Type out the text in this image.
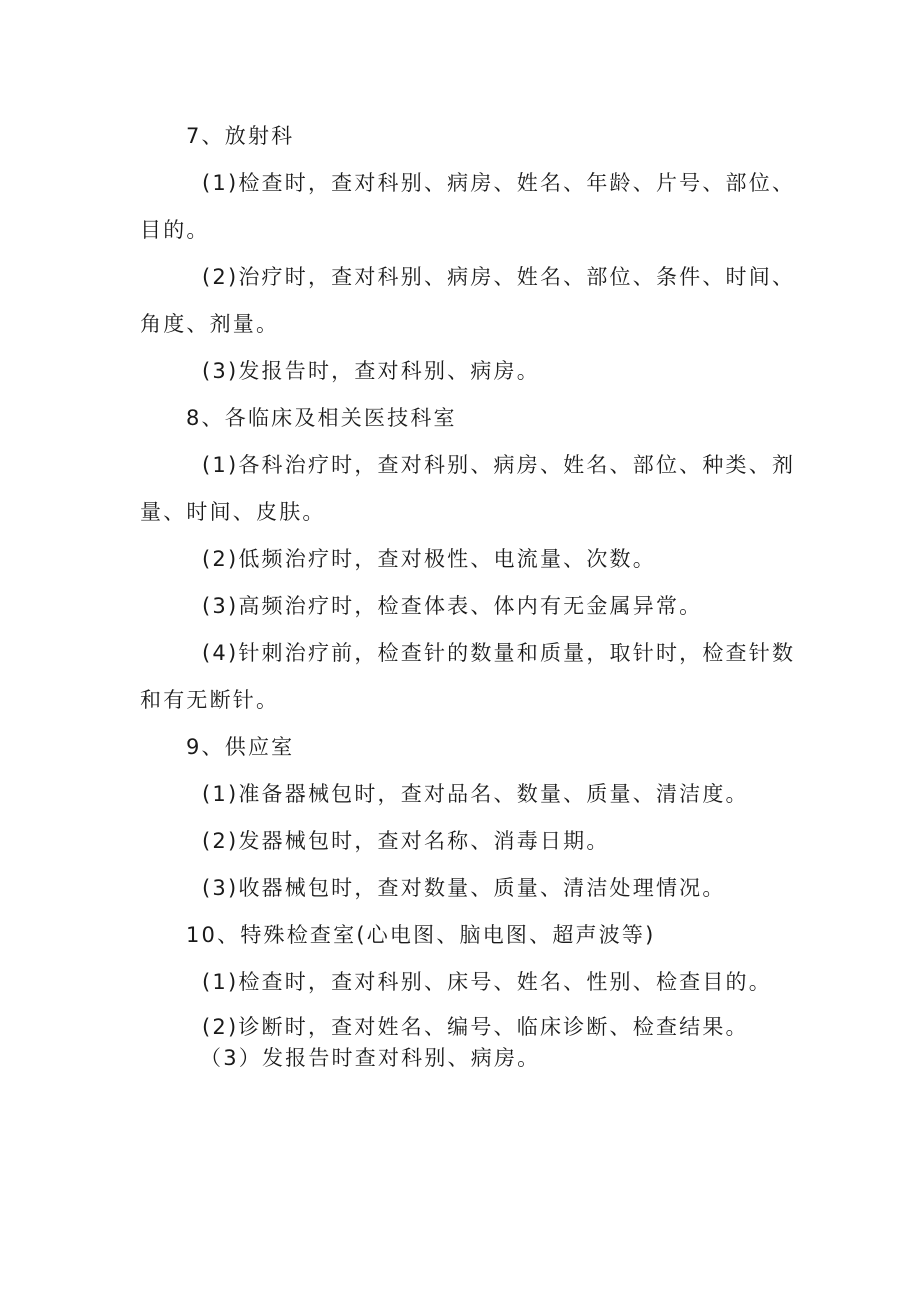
7、放射科

(1)检查时，查对科别、病房、姓名、年龄、片号、部位、目的。

(2)治疗时，查对科别、病房、姓名、部位、条件、时间、角度、剂量。

(3)发报告时，查对科别、病房。

8、各临床及相关医技科室

(1)各科治疗时，查对科别、病房、姓名、部位、种类、剂量、时间、皮肤。

(2)低频治疗时，查对极性、电流量、次数。

(3)高频治疗时，检查体表、体内有无金属异常。

(4)针刺治疗前，检查针的数量和质量，取针时，检查针数和有无断针。

9、供应室

(1)准备器械包时，查对品名、数量、质量、清洁度。

(2)发器械包时，查对名称、消毒日期。

(3)收器械包时，查对数量、质量、清洁处理情况。

10、特殊检查室(心电图、脑电图、超声波等)

(1)检查时，查对科别、床号、姓名、性别、检查目的。

(2)诊断时，查对姓名、编号、临床诊断、检查结果。
（3）发报告时查对科别、病房。
